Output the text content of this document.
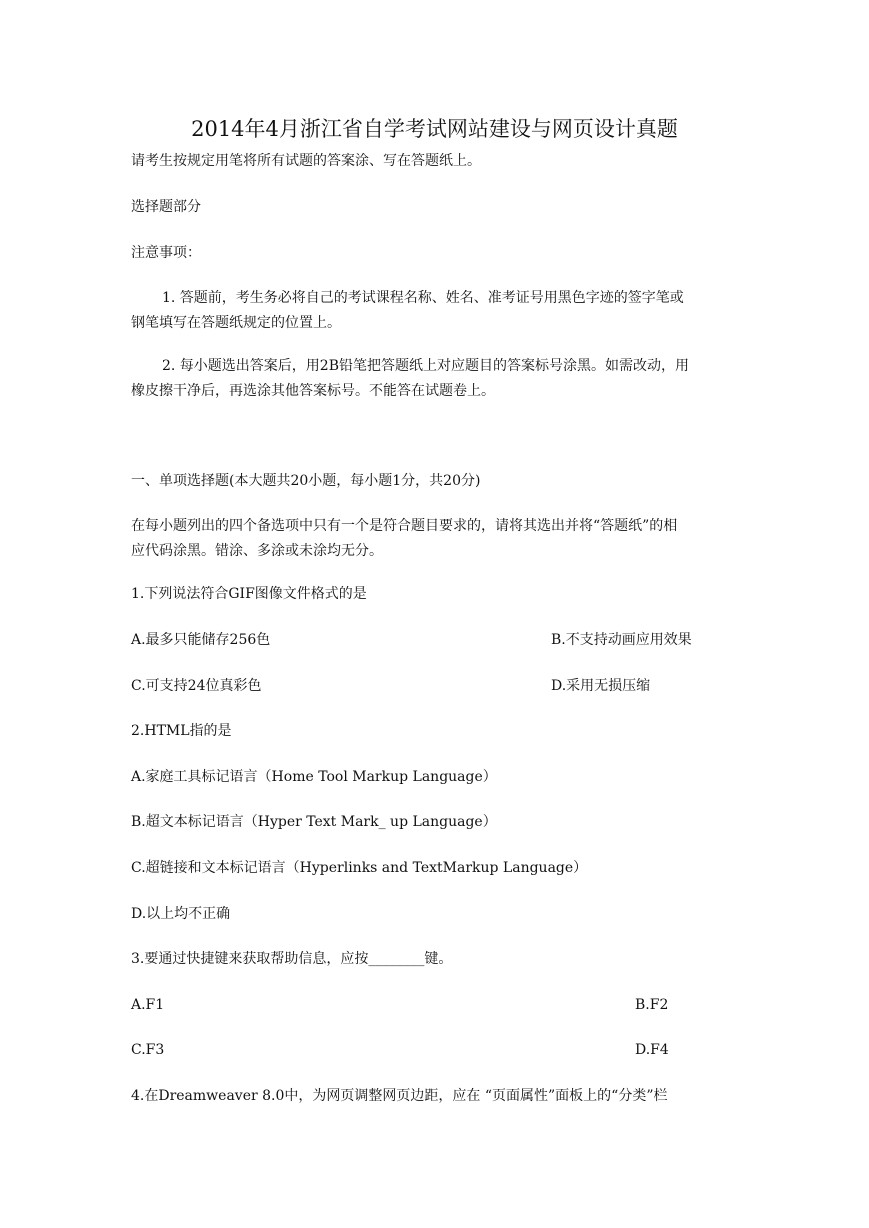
2014年4月浙江省自学考试网站建设与网页设计真题
请考生按规定用笔将所有试题的答案涂、写在答题纸上。
选择题部分
注意事项：
1. 答题前，考生务必将自己的考试课程名称、姓名、准考证号用黑色字迹的签字笔或
钢笔填写在答题纸规定的位置上。
2. 每小题选出答案后，用2B铅笔把答题纸上对应题目的答案标号涂黑。如需改动，用
橡皮擦干净后，再选涂其他答案标号。不能答在试题卷上。
一、单项选择题(本大题共20小题，每小题1分，共20分)
在每小题列出的四个备选项中只有一个是符合题目要求的，请将其选出并将“答题纸”的相
应代码涂黑。错涂、多涂或未涂均无分。
1.下列说法符合GIF图像文件格式的是
A.最多只能储存256色	B.不支持动画应用效果
C.可支持24位真彩色	D.采用无损压缩
2.HTML指的是
A.家庭工具标记语言（Home Tool Markup Language）
B.超文本标记语言（Hyper Text Mark_ up Language）
C.超链接和文本标记语言（Hyperlinks and TextMarkup Language）
D.以上均不正确
3.要通过快捷键来获取帮助信息，应按________键。
A.F1	B.F2
C.F3	D.F4
4.在Dreamweaver 8.0中，为网页调整网页边距，应在 “页面属性”面板上的“分类”栏
